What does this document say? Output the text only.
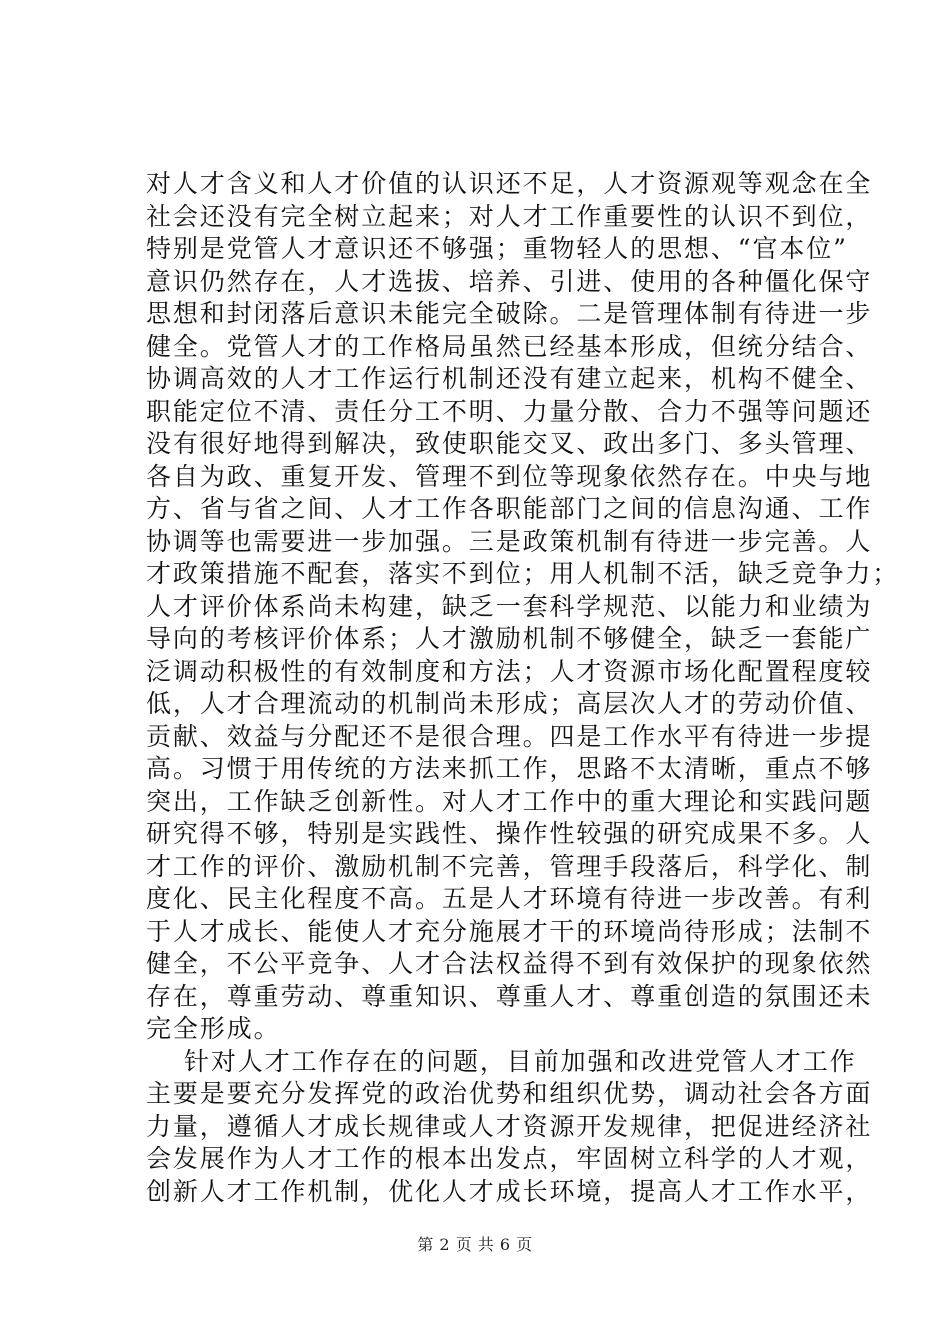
对人才含义和人才价值的认识还不足，人才资源观等观念在全
社会还没有完全树立起来；对人才工作重要性的认识不到位，
特别是党管人才意识还不够强；重物轻人的思想、“官本位”
意识仍然存在，人才选拔、培养、引进、使用的各种僵化保守
思想和封闭落后意识未能完全破除。二是管理体制有待进一步
健全。党管人才的工作格局虽然已经基本形成，但统分结合、
协调高效的人才工作运行机制还没有建立起来，机构不健全、
职能定位不清、责任分工不明、力量分散、合力不强等问题还
没有很好地得到解决，致使职能交叉、政出多门、多头管理、
各自为政、重复开发、管理不到位等现象依然存在。中央与地
方、省与省之间、人才工作各职能部门之间的信息沟通、工作
协调等也需要进一步加强。三是政策机制有待进一步完善。人
才政策措施不配套，落实不到位；用人机制不活，缺乏竞争力；
人才评价体系尚未构建，缺乏一套科学规范、以能力和业绩为
导向的考核评价体系；人才激励机制不够健全，缺乏一套能广
泛调动积极性的有效制度和方法；人才资源市场化配置程度较
低，人才合理流动的机制尚未形成；高层次人才的劳动价值、
贡献、效益与分配还不是很合理。四是工作水平有待进一步提
高。习惯于用传统的方法来抓工作，思路不太清晰，重点不够
突出，工作缺乏创新性。对人才工作中的重大理论和实践问题
研究得不够，特别是实践性、操作性较强的研究成果不多。人
才工作的评价、激励机制不完善，管理手段落后，科学化、制
度化、民主化程度不高。五是人才环境有待进一步改善。有利
于人才成长、能使人才充分施展才干的环境尚待形成；法制不
健全，不公平竞争、人才合法权益得不到有效保护的现象依然
存在，尊重劳动、尊重知识、尊重人才、尊重创造的氛围还未
完全形成。
针对人才工作存在的问题，目前加强和改进党管人才工作
主要是要充分发挥党的政治优势和组织优势，调动社会各方面
力量，遵循人才成长规律或人才资源开发规律，把促进经济社
会发展作为人才工作的根本出发点，牢固树立科学的人才观，
创新人才工作机制，优化人才成长环境，提高人才工作水平，
第 2 页 共 6 页
